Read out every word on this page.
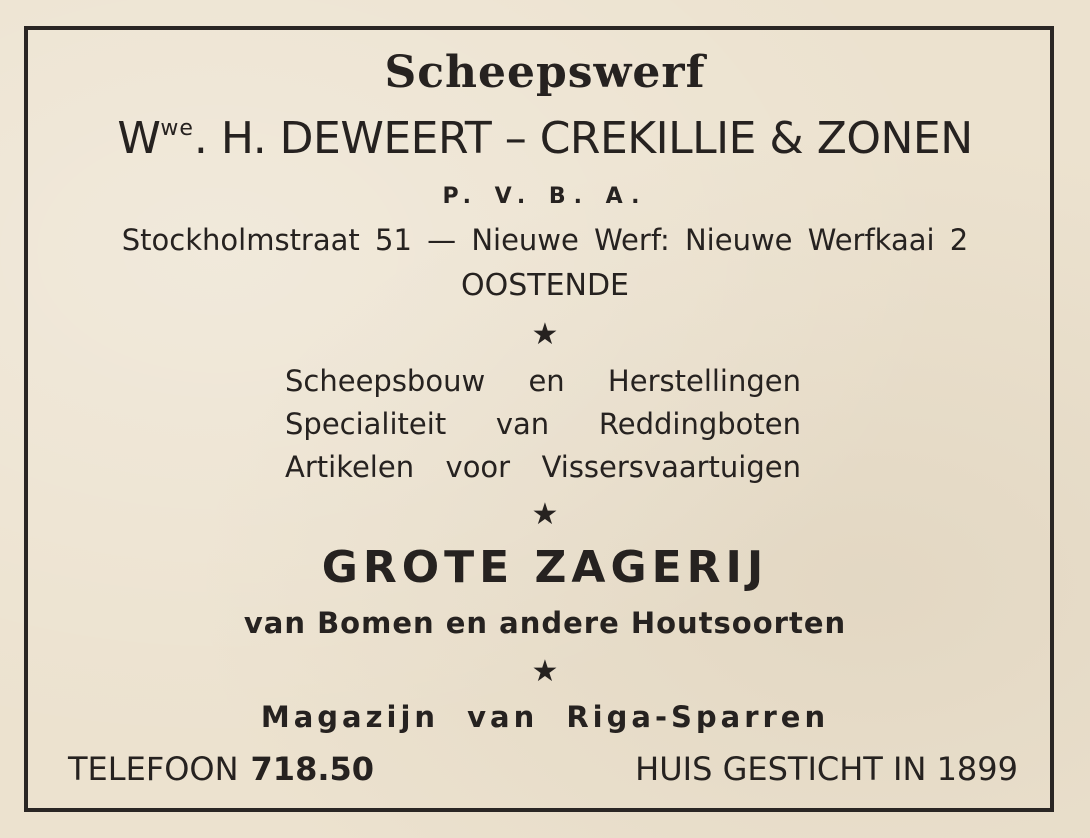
Scheepswerf
$W^{we}$. H. DEWEERT – CREKILLIE & ZONEN
P. V. B. A.
Stockholmstraat 51 — Nieuwe Werf: Nieuwe Werfkaai 2
OOSTENDE
★
Scheepsbouw en Herstellingen
Specialiteit van Reddingboten
Artikelen voor Vissersvaartuigen
★
GROTE ZAGERIJ
van Bomen en andere Houtsoorten
★
Magazijn van Riga-Sparren
TELEFOON 718.50	HUIS GESTICHT IN 1899
